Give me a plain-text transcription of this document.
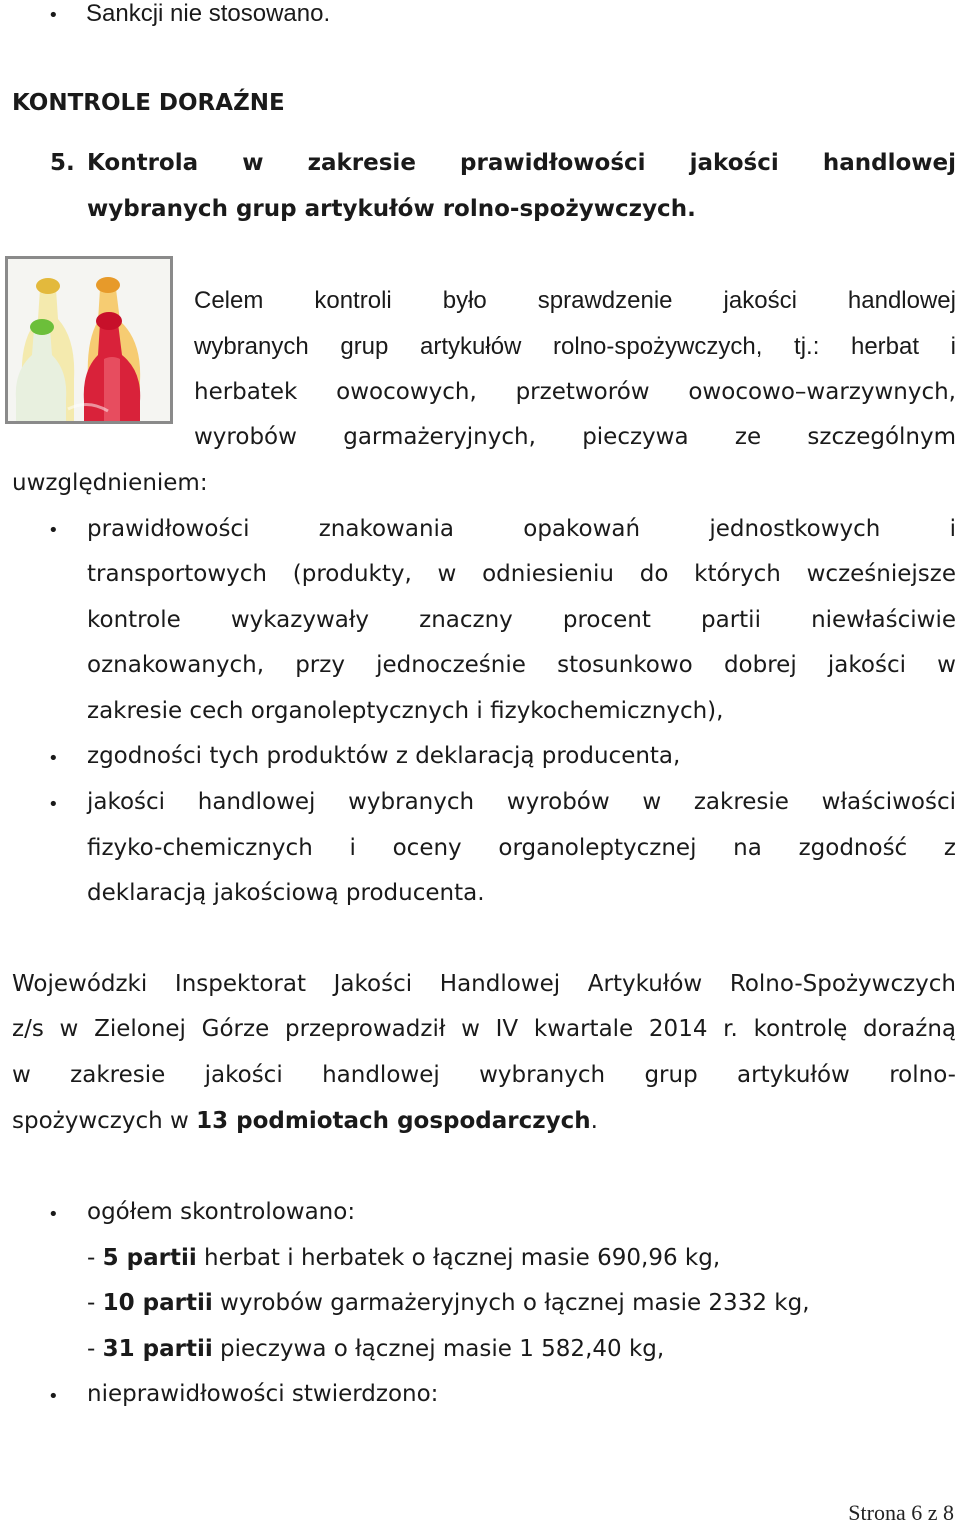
• Sankcji nie stosowano.
KONTROLE DORAŹNE
5. Kontrola w zakresie prawidłowości jakości handlowej
wybranych grup artykułów rolno-spożywczych.
Celem kontroli było sprawdzenie jakości handlowej
wybranych grup artykułów rolno-spożywczych, tj.: herbat i
herbatek owocowych, przetworów owocowo–warzywnych,
wyrobów garmażeryjnych, pieczywa ze szczególnym
uwzględnieniem:
• prawidłowości znakowania opakowań jednostkowych i
transportowych (produkty, w odniesieniu do których wcześniejsze
kontrole wykazywały znaczny procent partii niewłaściwie
oznakowanych, przy jednocześnie stosunkowo dobrej jakości w
zakresie cech organoleptycznych i fizykochemicznych),
• zgodności tych produktów z deklaracją producenta,
• jakości handlowej wybranych wyrobów w zakresie właściwości
fizyko-chemicznych i oceny organoleptycznej na zgodność z
deklaracją jakościową producenta.
Wojewódzki Inspektorat Jakości Handlowej Artykułów Rolno-Spożywczych
z/s w Zielonej Górze przeprowadził w IV kwartale 2014 r. kontrolę doraźną
w zakresie jakości handlowej wybranych grup artykułów rolno-
spożywczych w 13 podmiotach gospodarczych.
• ogółem skontrolowano:
- 5 partii herbat i herbatek o łącznej masie 690,96 kg,
- 10 partii wyrobów garmażeryjnych o łącznej masie 2332 kg,
- 31 partii pieczywa o łącznej masie 1 582,40 kg,
• nieprawidłowości stwierdzono:
Strona 6 z 8
